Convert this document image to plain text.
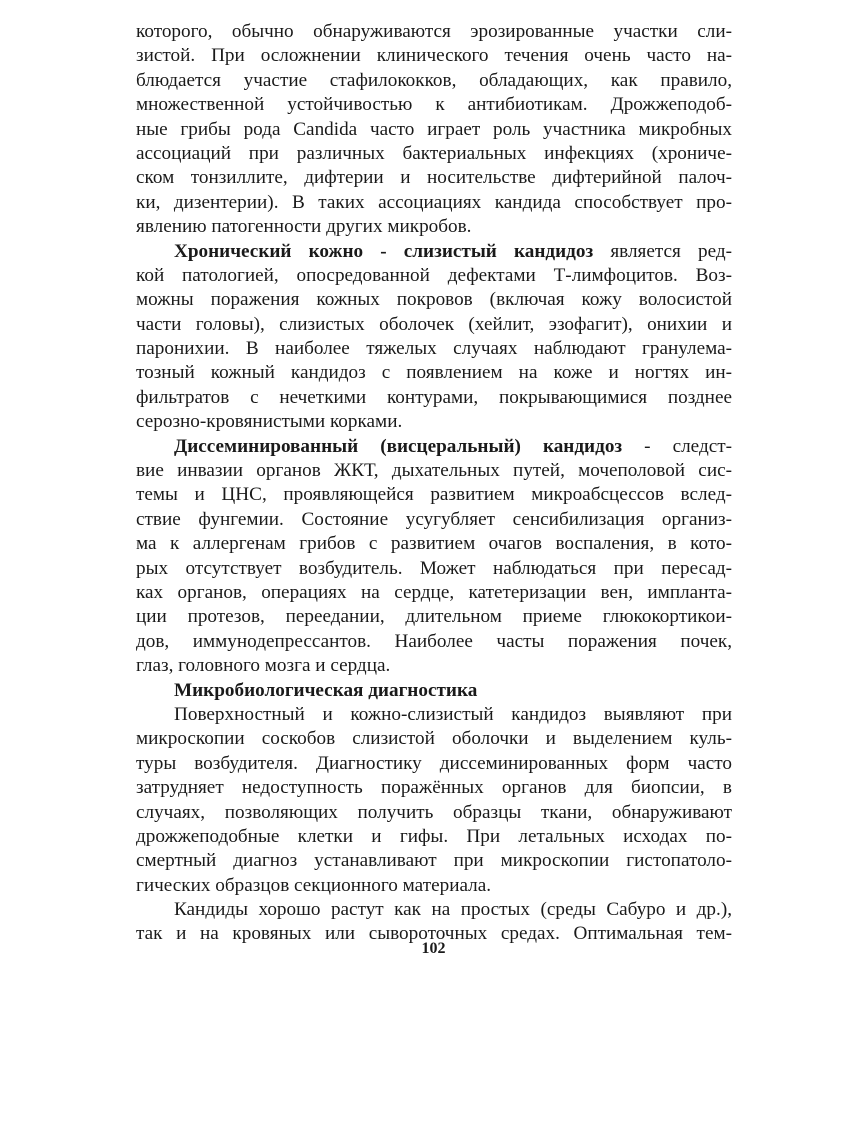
которого, обычно обнаруживаются эрозированные участки сли-
зистой. При осложнении клинического течения очень часто на-
блюдается участие стафилококков, обладающих, как правило,
множественной устойчивостью к антибиотикам. Дрожжеподоб-
ные грибы рода Candida часто играет роль участника микробных
ассоциаций при различных бактериальных инфекциях (хрониче-
ском тонзиллите, дифтерии и носительстве дифтерийной палоч-
ки, дизентерии). В таких ассоциациях кандида способствует про-
явлению патогенности других микробов.
Хронический кожно - слизистый кандидоз является ред-
кой патологией, опосредованной дефектами Т-лимфоцитов. Воз-
можны поражения кожных покровов (включая кожу волосистой
части головы), слизистых оболочек (хейлит, эзофагит), онихии и
паронихии. В наиболее тяжелых случаях наблюдают гранулема-
тозный кожный кандидоз с появлением на коже и ногтях ин-
фильтратов с нечеткими контурами, покрывающимися позднее
серозно-кровянистыми корками.
Диссеминированный (висцеральный) кандидоз - следст-
вие инвазии органов ЖКТ, дыхательных путей, мочеполовой сис-
темы и ЦНС, проявляющейся развитием микроабсцессов вслед-
ствие фунгемии. Состояние усугубляет сенсибилизация организ-
ма к аллергенам грибов с развитием очагов воспаления, в кото-
рых отсутствует возбудитель. Может наблюдаться при пересад-
ках органов, операциях на сердце, катетеризации вен, импланта-
ции протезов, переедании, длительном приеме глюкокортикои-
дов, иммунодепрессантов. Наиболее часты поражения почек,
глаз, головного мозга и сердца.
Микробиологическая диагностика
Поверхностный и кожно-слизистый кандидоз выявляют при
микроскопии соскобов слизистой оболочки и выделением куль-
туры возбудителя. Диагностику диссеминированных форм часто
затрудняет недоступность поражённых органов для биопсии, в
случаях, позволяющих получить образцы ткани, обнаруживают
дрожжеподобные клетки и гифы. При летальных исходах по-
смертный диагноз устанавливают при микроскопии гистопатоло-
гических образцов секционного материала.
Кандиды хорошо растут как на простых (среды Сабуро и др.),
так и на кровяных или сывороточных средах. Оптимальная тем-
102
